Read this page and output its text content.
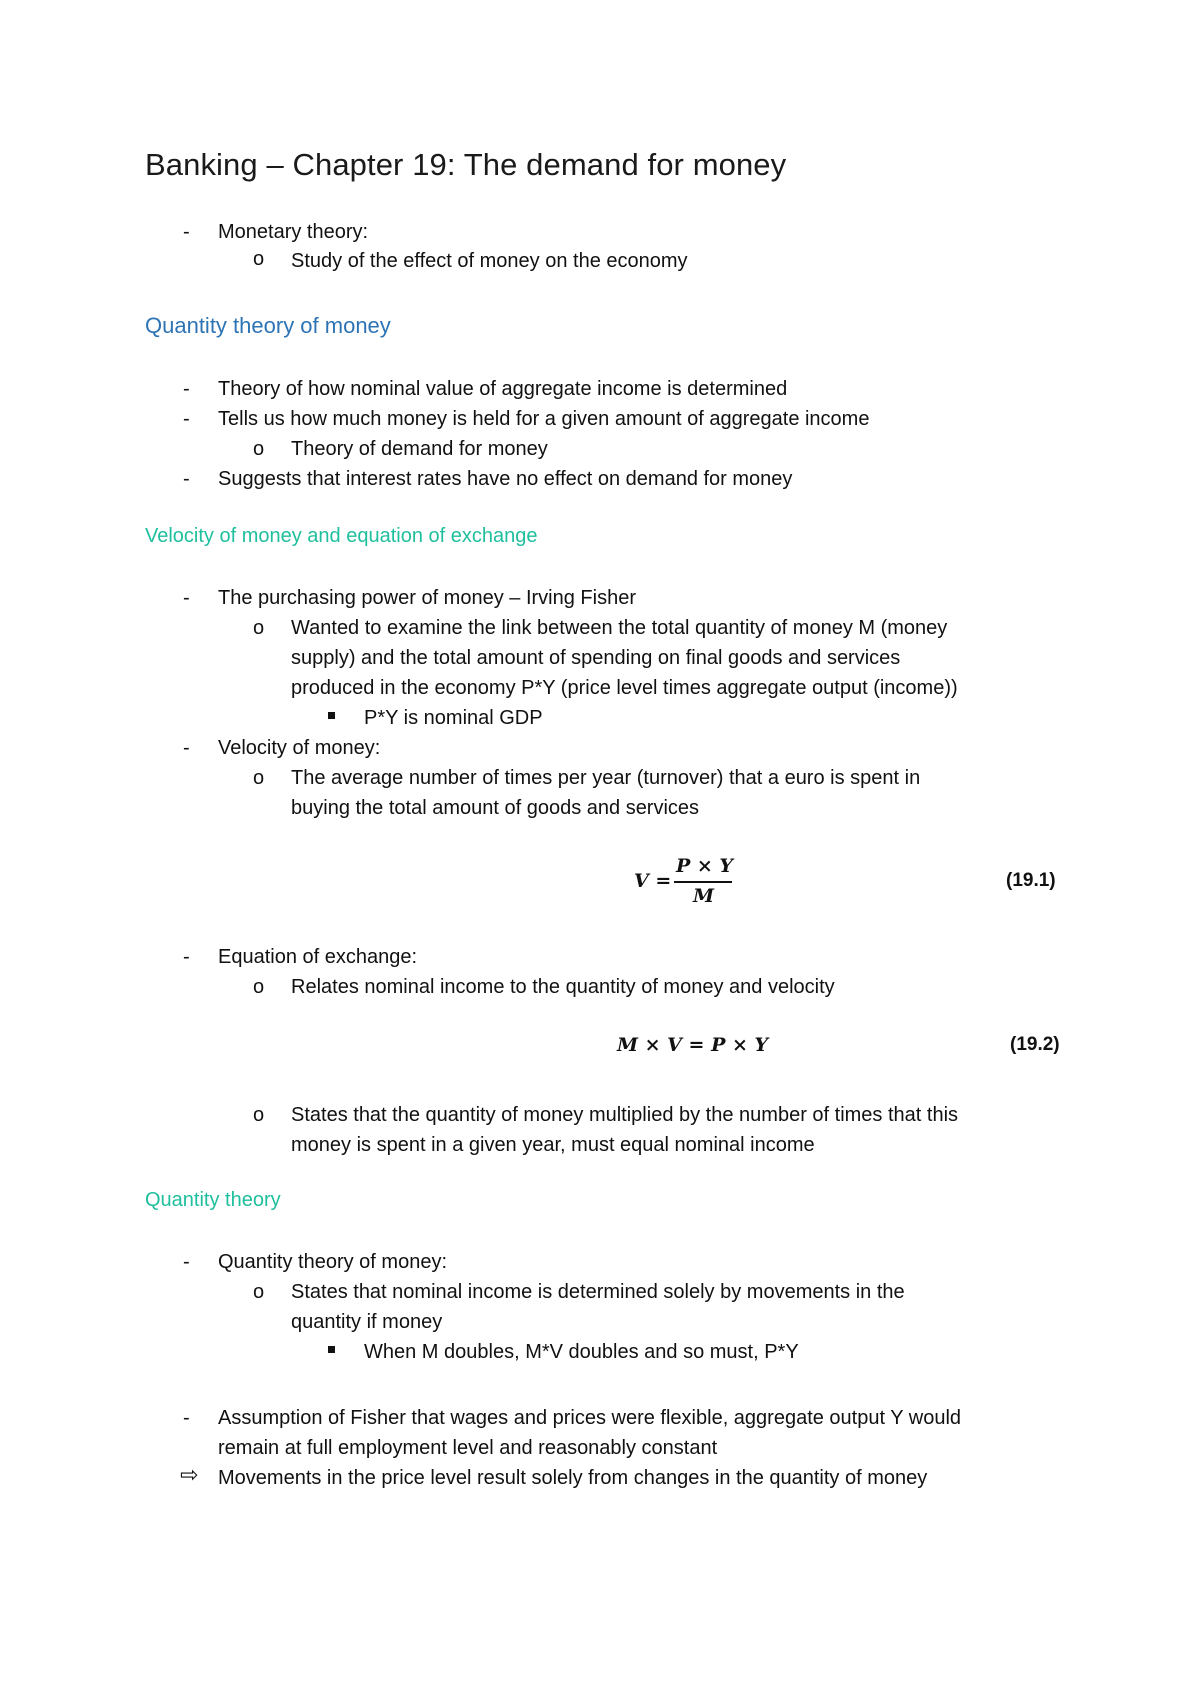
Banking – Chapter 19: The demand for money
- Monetary theory:
o Study of the effect of money on the economy
Quantity theory of money
- Theory of how nominal value of aggregate income is determined
- Tells us how much money is held for a given amount of aggregate income
o Theory of demand for money
- Suggests that interest rates have no effect on demand for money
Velocity of money and equation of exchange
- The purchasing power of money – Irving Fisher
o Wanted to examine the link between the total quantity of money M (money
supply) and the total amount of spending on final goods and services
produced in the economy P*Y (price level times aggregate output (income))
P*Y is nominal GDP
- Velocity of money:
o The average number of times per year (turnover) that a euro is spent in
buying the total amount of goods and services
V =
P × Y
M
(19.1)
- Equation of exchange:
o Relates nominal income to the quantity of money and velocity
M × V = P × Y	(19.2)
o States that the quantity of money multiplied by the number of times that this
money is spent in a given year, must equal nominal income
Quantity theory
- Quantity theory of money:
o States that nominal income is determined solely by movements in the
quantity if money
When M doubles, M*V doubles and so must, P*Y
- Assumption of Fisher that wages and prices were flexible, aggregate output Y would
remain at full employment level and reasonably constant
⇨ Movements in the price level result solely from changes in the quantity of money
